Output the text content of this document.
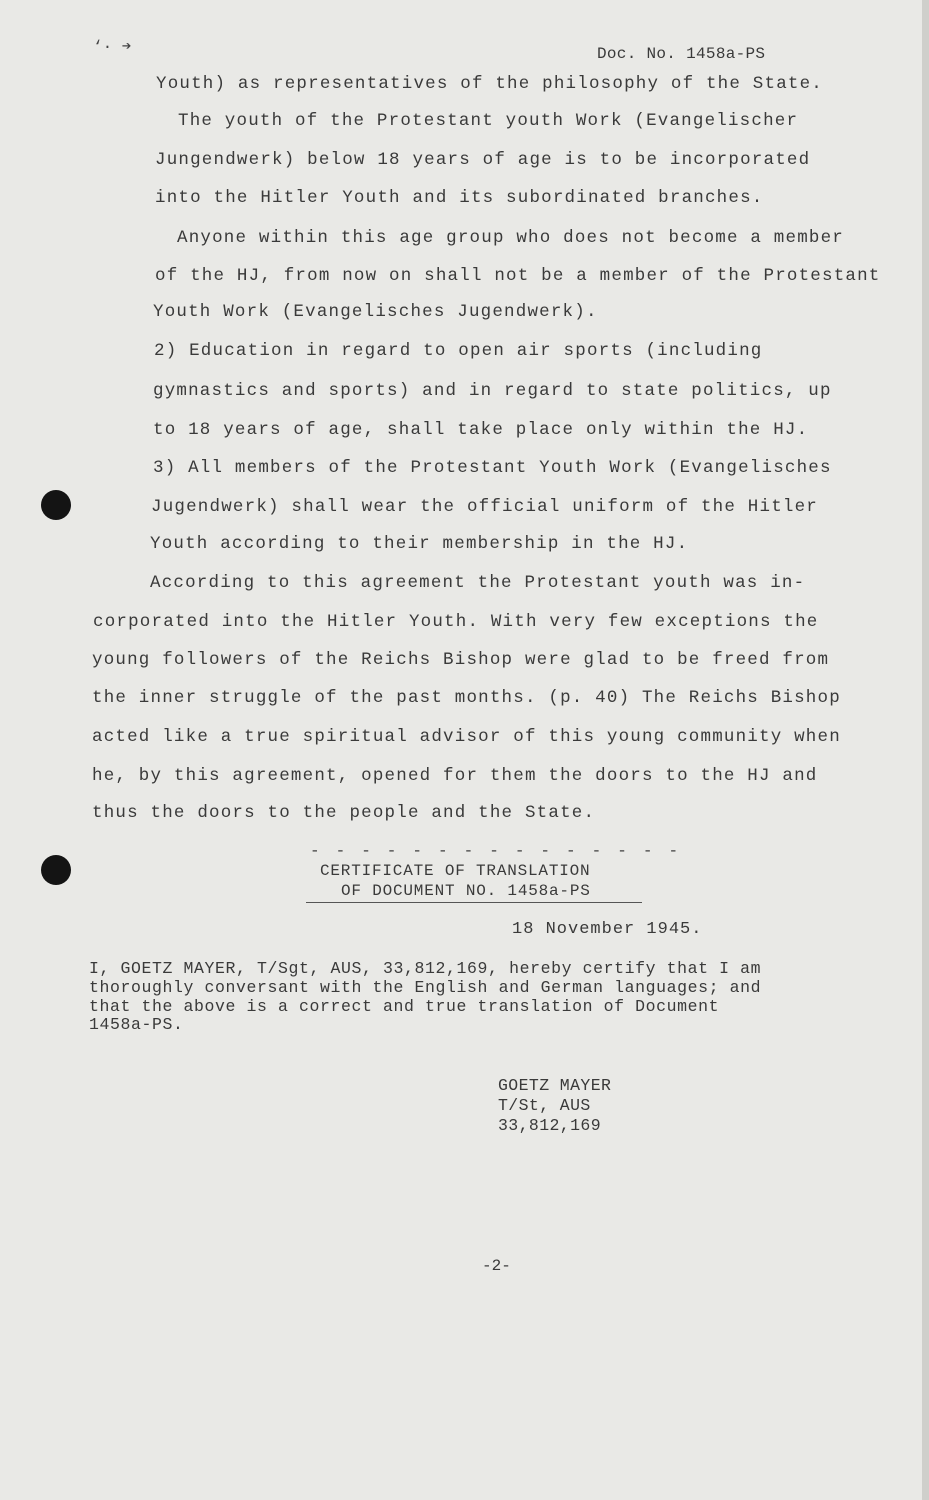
‘· ➔	Doc. No. 1458a-PS
Youth) as representatives of the philosophy of the State.
The youth of the Protestant youth Work (Evangelischer
Jungendwerk) below 18 years of age is to be incorporated
into the Hitler Youth and its subordinated branches.
Anyone within this age group who does not become a member
of the HJ, from now on shall not be a member of the Protestant
Youth Work (Evangelisches Jugendwerk).
2) Education in regard to open air sports (including
gymnastics and sports) and in regard to state politics, up
to 18 years of age, shall take place only within the HJ.
3) All members of the Protestant Youth Work (Evangelisches
Jugendwerk) shall wear the official uniform of the Hitler
Youth according to their membership in the HJ.
According to this agreement the Protestant youth was in-
corporated into the Hitler Youth. With very few exceptions the
young followers of the Reichs Bishop were glad to be freed from
the inner struggle of the past months. (p. 40) The Reichs Bishop
acted like a true spiritual advisor of this young community when
he, by this agreement, opened for them the doors to the HJ and
thus the doors to the people and the State.
- - - - - - - - - - - - - - -
CERTIFICATE OF TRANSLATION
OF DOCUMENT NO. 1458a-PS
18 November 1945.
I, GOETZ MAYER, T/Sgt, AUS, 33,812,169, hereby certify that I am
thoroughly conversant with the English and German languages; and
that the above is a correct and true translation of Document
1458a-PS.
GOETZ MAYER
T/St, AUS
33,812,169
-2-
